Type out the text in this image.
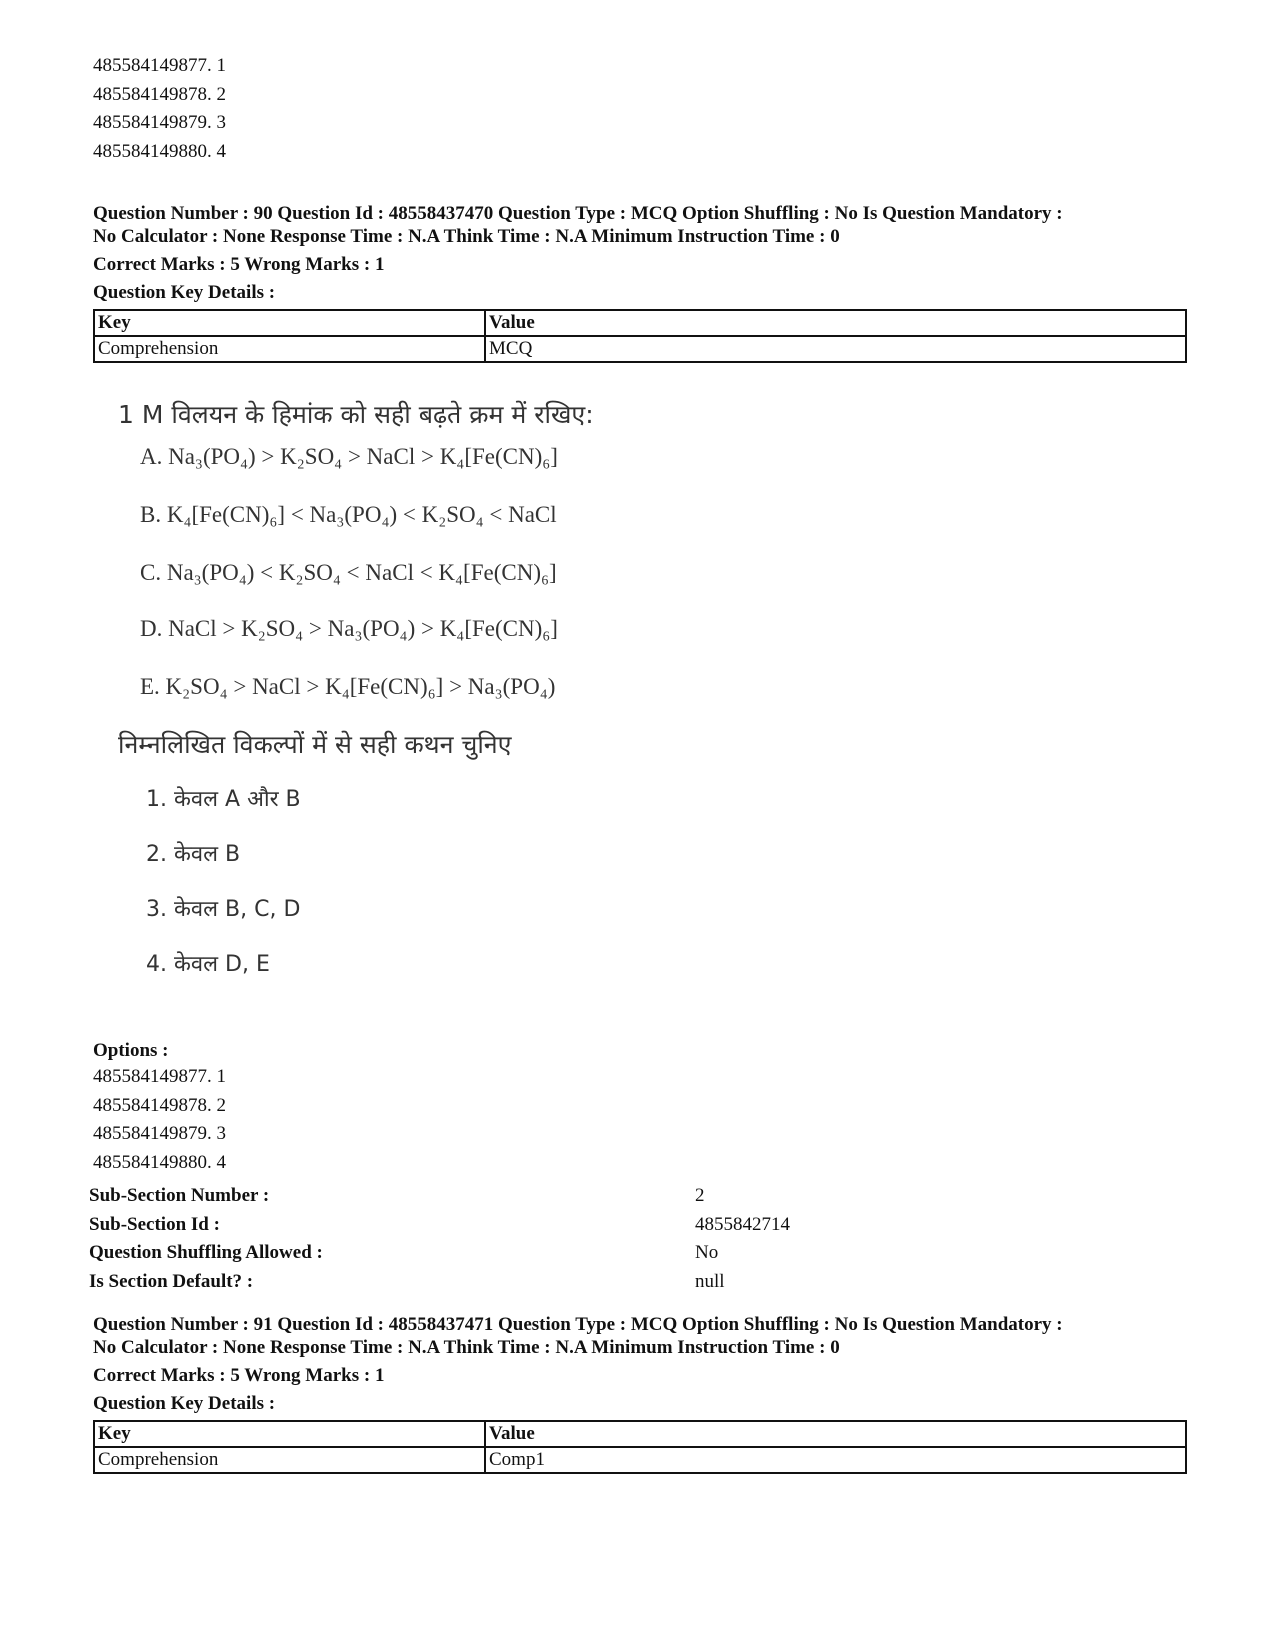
485584149877. 1
485584149878. 2
485584149879. 3
485584149880. 4
Question Number : 90 Question Id : 48558437470 Question Type : MCQ Option Shuffling : No Is Question Mandatory :
No Calculator : None Response Time : N.A Think Time : N.A Minimum Instruction Time : 0
Correct Marks : 5 Wrong Marks : 1
Question Key Details :
Key	Value
Comprehension	MCQ
1 M विलयन के हिमांक को सही बढ़ते क्रम में रखिए:
A. Na₃(PO₄) > K₂SO₄ > NaCl > K₄[Fe(CN)₆]
B. K₄[Fe(CN)₆] < Na₃(PO₄) < K₂SO₄ < NaCl
C. Na₃(PO₄) < K₂SO₄ < NaCl < K₄[Fe(CN)₆]
D. NaCl > K₂SO₄ > Na₃(PO₄) > K₄[Fe(CN)₆]
E. K₂SO₄ > NaCl > K₄[Fe(CN)₆] > Na₃(PO₄)
निम्नलिखित विकल्पों में से सही कथन चुनिए
1. केवल A और B
2. केवल B
3. केवल B, C, D
4. केवल D, E
Options :
485584149877. 1
485584149878. 2
485584149879. 3
485584149880. 4
Sub-Section Number :	2
Sub-Section Id :	4855842714
Question Shuffling Allowed :	No
Is Section Default? :	null
Question Number : 91 Question Id : 48558437471 Question Type : MCQ Option Shuffling : No Is Question Mandatory :
No Calculator : None Response Time : N.A Think Time : N.A Minimum Instruction Time : 0
Correct Marks : 5 Wrong Marks : 1
Question Key Details :
Key	Value
Comprehension	Comp1
